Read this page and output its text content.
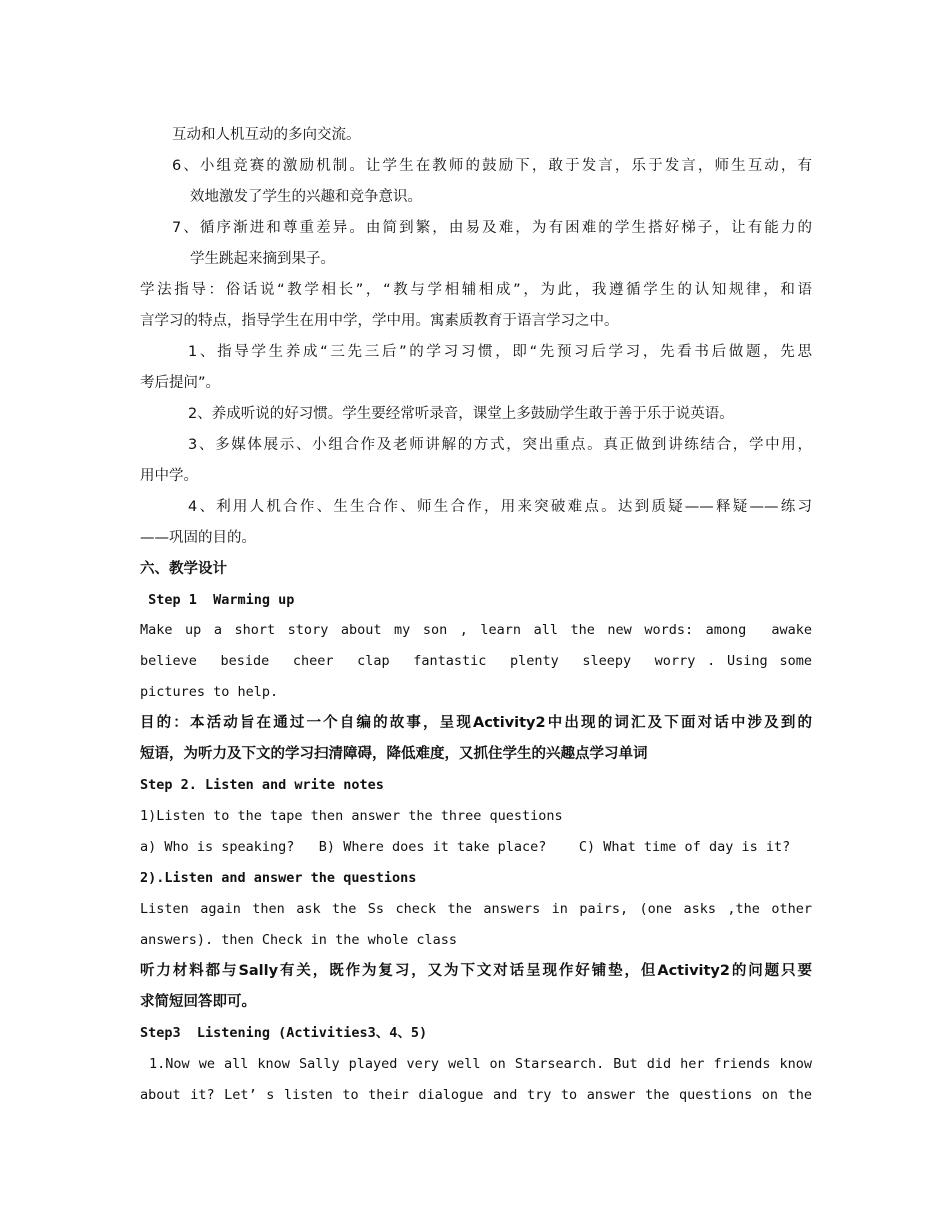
互动和人机互动的多向交流。
6、小组竞赛的激励机制。让学生在教师的鼓励下，敢于发言，乐于发言，师生互动，有
效地激发了学生的兴趣和竞争意识。
7、循序渐进和尊重差异。由简到繁，由易及难，为有困难的学生搭好梯子，让有能力的
学生跳起来摘到果子。
学法指导：俗话说“教学相长”，“教与学相辅相成”，为此，我遵循学生的认知规律，和语
言学习的特点，指导学生在用中学，学中用。寓素质教育于语言学习之中。
1、指导学生养成“三先三后”的学习习惯，即“先预习后学习，先看书后做题，先思
考后提问”。
2、养成听说的好习惯。学生要经常听录音，课堂上多鼓励学生敢于善于乐于说英语。
3、多媒体展示、小组合作及老师讲解的方式，突出重点。真正做到讲练结合，学中用，
用中学。
4、利用人机合作、生生合作、师生合作，用来突破难点。达到质疑——释疑——练习
——巩固的目的。
六、教学设计
Step 1  Warming up
Make up a short story about my son , learn all the new words: among  awake
believe  beside  cheer  clap  fantastic  plenty  sleepy  worry . Using some
pictures to help.
目的：本活动旨在通过一个自编的故事，呈现Activity2中出现的词汇及下面对话中涉及到的
短语，为听力及下文的学习扫清障碍，降低难度，又抓住学生的兴趣点学习单词
Step 2. Listen and write notes
1)Listen to the tape then answer the three questions
a) Who is speaking?   B) Where does it take place?    C) What time of day is it?
2).Listen and answer the questions
Listen again then ask the Ss check the answers in pairs, (one asks ,the other
answers). then Check in the whole class
听力材料都与Sally有关，既作为复习，又为下文对话呈现作好铺垫，但Activity2的问题只要
求简短回答即可。
Step3  Listening (Activities3、4、5)
1.Now we all know Sally played very well on Starsearch. But did her friends know
about it? Let’ s listen to their dialogue and try to answer the questions on the
